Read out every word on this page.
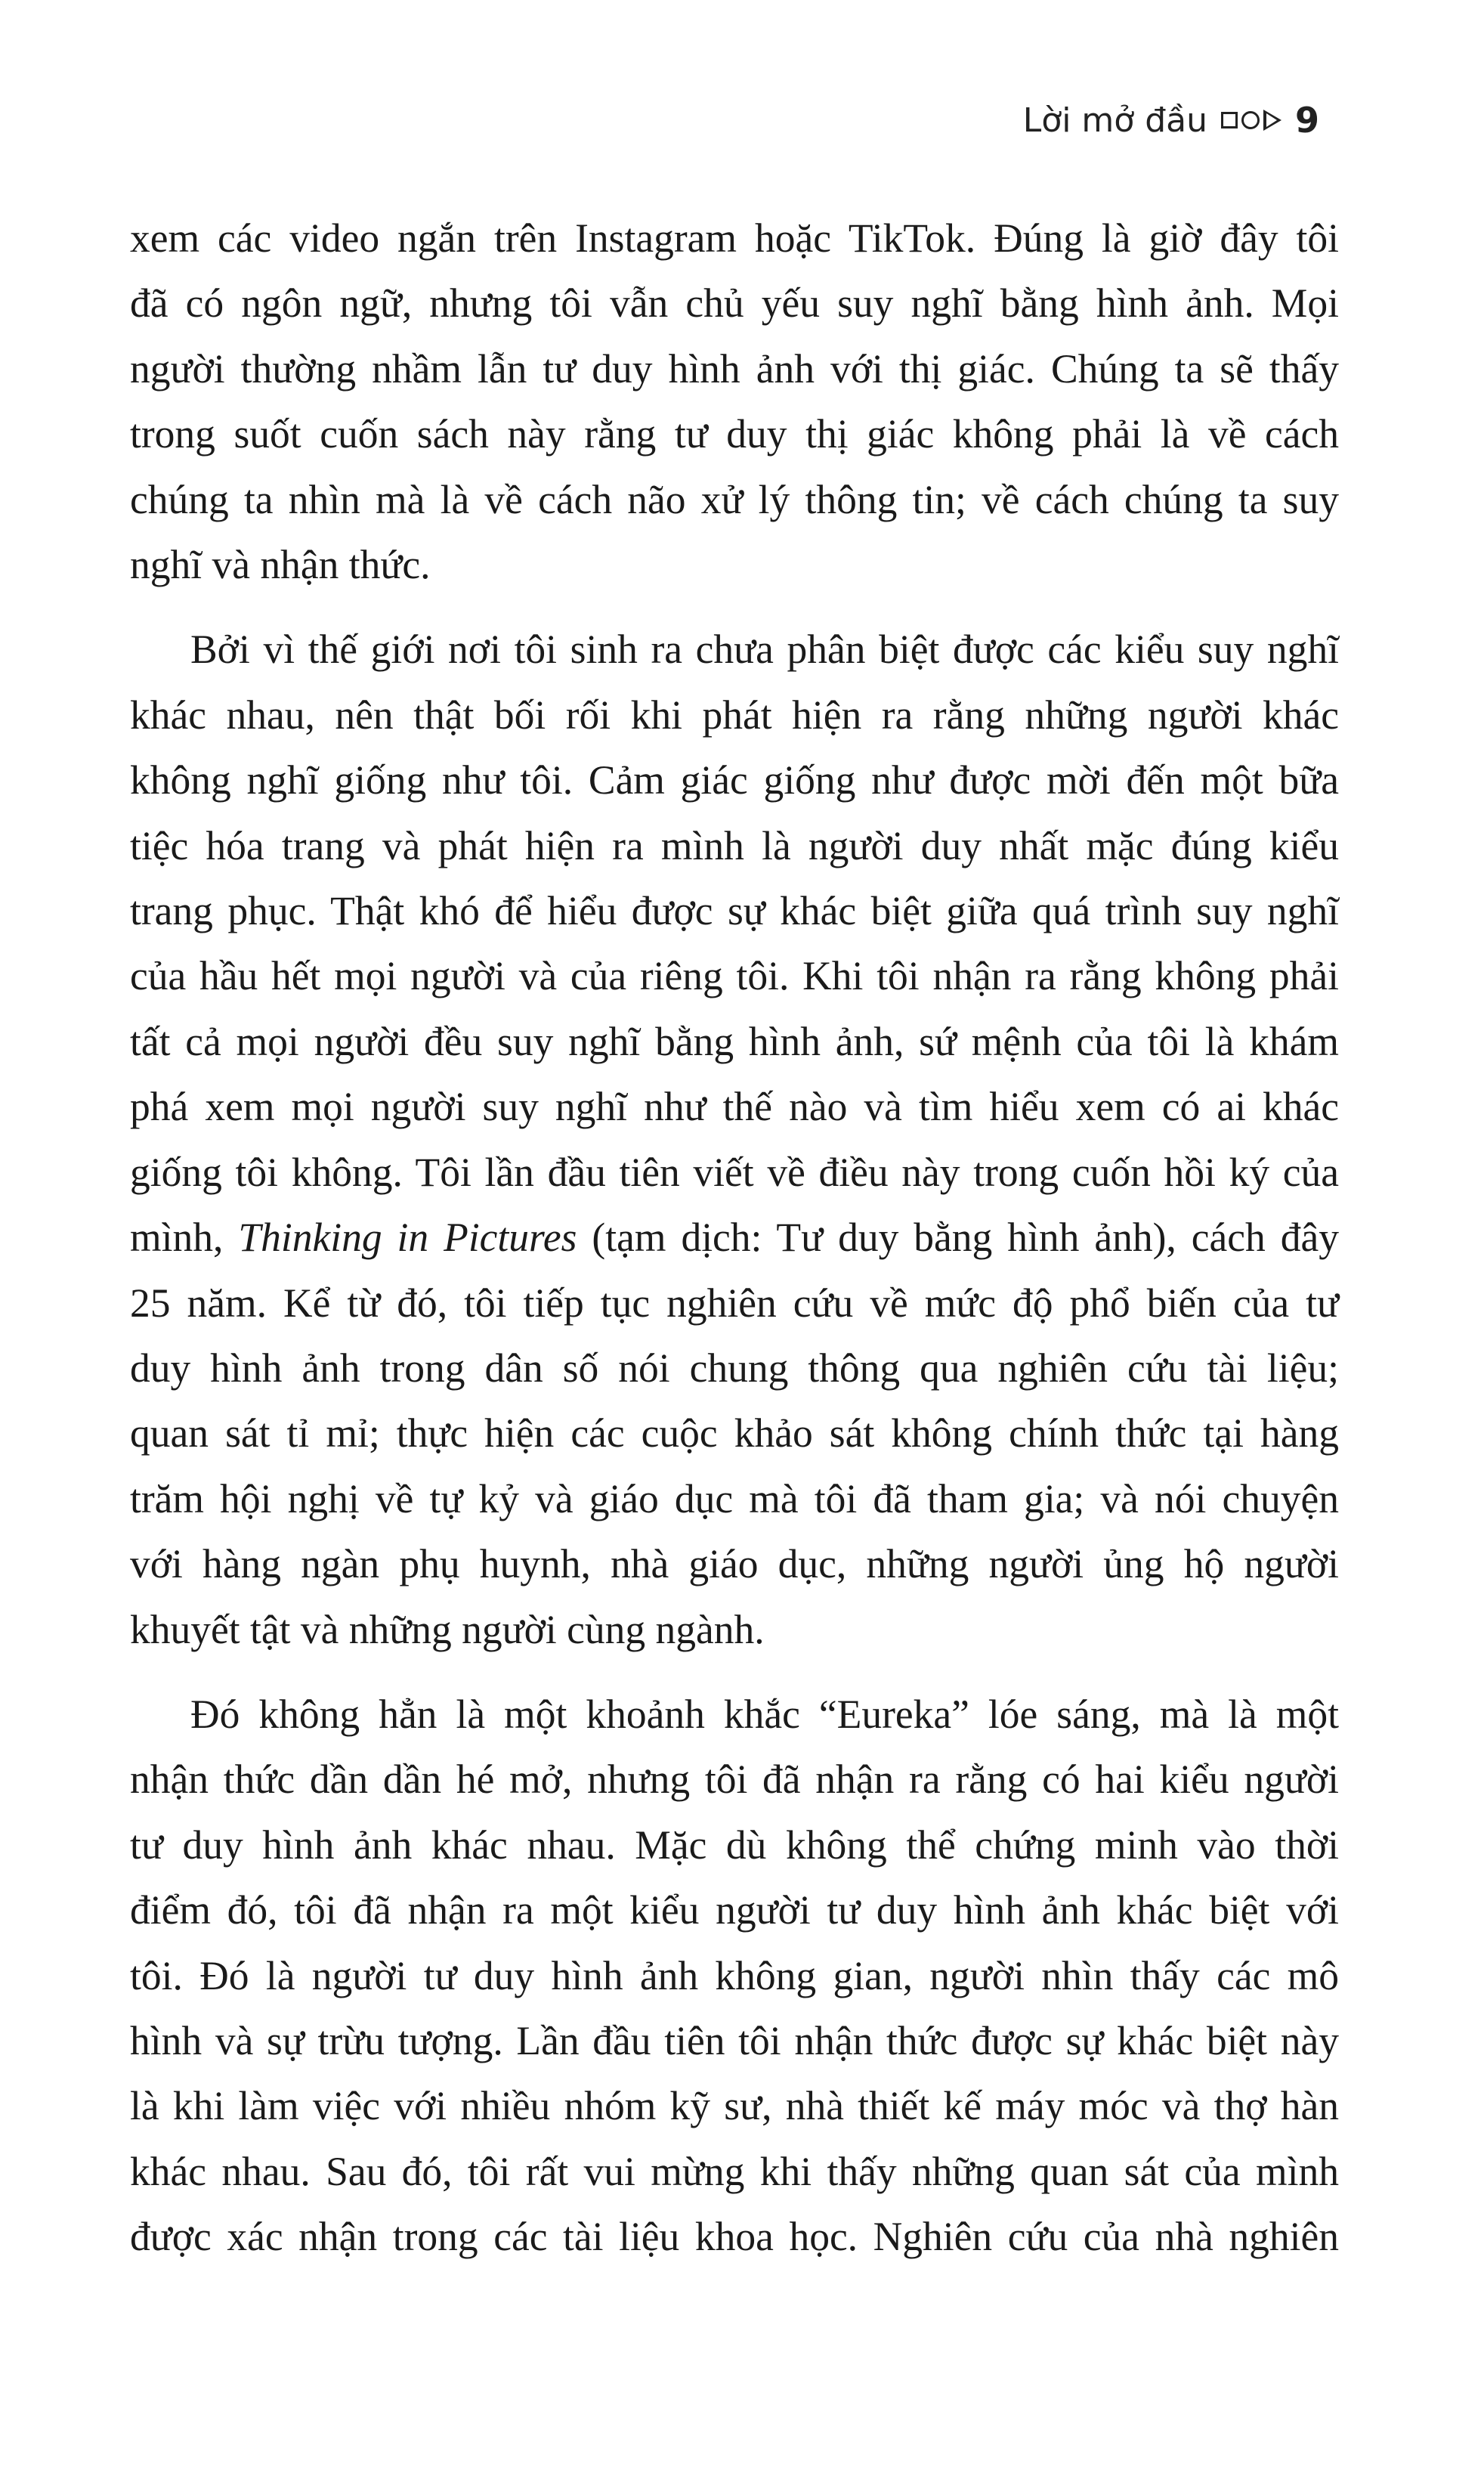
Lời mở đầu	9
xem các video ngắn trên Instagram hoặc TikTok. Đúng là giờ đây tôi
đã có ngôn ngữ, nhưng tôi vẫn chủ yếu suy nghĩ bằng hình ảnh. Mọi
người thường nhầm lẫn tư duy hình ảnh với thị giác. Chúng ta sẽ thấy
trong suốt cuốn sách này rằng tư duy thị giác không phải là về cách
chúng ta nhìn mà là về cách não xử lý thông tin; về cách chúng ta suy
nghĩ và nhận thức.
Bởi vì thế giới nơi tôi sinh ra chưa phân biệt được các kiểu suy nghĩ
khác nhau, nên thật bối rối khi phát hiện ra rằng những người khác
không nghĩ giống như tôi. Cảm giác giống như được mời đến một bữa
tiệc hóa trang và phát hiện ra mình là người duy nhất mặc đúng kiểu
trang phục. Thật khó để hiểu được sự khác biệt giữa quá trình suy nghĩ
của hầu hết mọi người và của riêng tôi. Khi tôi nhận ra rằng không phải
tất cả mọi người đều suy nghĩ bằng hình ảnh, sứ mệnh của tôi là khám
phá xem mọi người suy nghĩ như thế nào và tìm hiểu xem có ai khác
giống tôi không. Tôi lần đầu tiên viết về điều này trong cuốn hồi ký của
mình, Thinking in Pictures (tạm dịch: Tư duy bằng hình ảnh), cách đây
25 năm. Kể từ đó, tôi tiếp tục nghiên cứu về mức độ phổ biến của tư
duy hình ảnh trong dân số nói chung thông qua nghiên cứu tài liệu;
quan sát tỉ mỉ; thực hiện các cuộc khảo sát không chính thức tại hàng
trăm hội nghị về tự kỷ và giáo dục mà tôi đã tham gia; và nói chuyện
với hàng ngàn phụ huynh, nhà giáo dục, những người ủng hộ người
khuyết tật và những người cùng ngành.
Đó không hẳn là một khoảnh khắc “Eureka” lóe sáng, mà là một
nhận thức dần dần hé mở, nhưng tôi đã nhận ra rằng có hai kiểu người
tư duy hình ảnh khác nhau. Mặc dù không thể chứng minh vào thời
điểm đó, tôi đã nhận ra một kiểu người tư duy hình ảnh khác biệt với
tôi. Đó là người tư duy hình ảnh không gian, người nhìn thấy các mô
hình và sự trừu tượng. Lần đầu tiên tôi nhận thức được sự khác biệt này
là khi làm việc với nhiều nhóm kỹ sư, nhà thiết kế máy móc và thợ hàn
khác nhau. Sau đó, tôi rất vui mừng khi thấy những quan sát của mình
được xác nhận trong các tài liệu khoa học. Nghiên cứu của nhà nghiên
